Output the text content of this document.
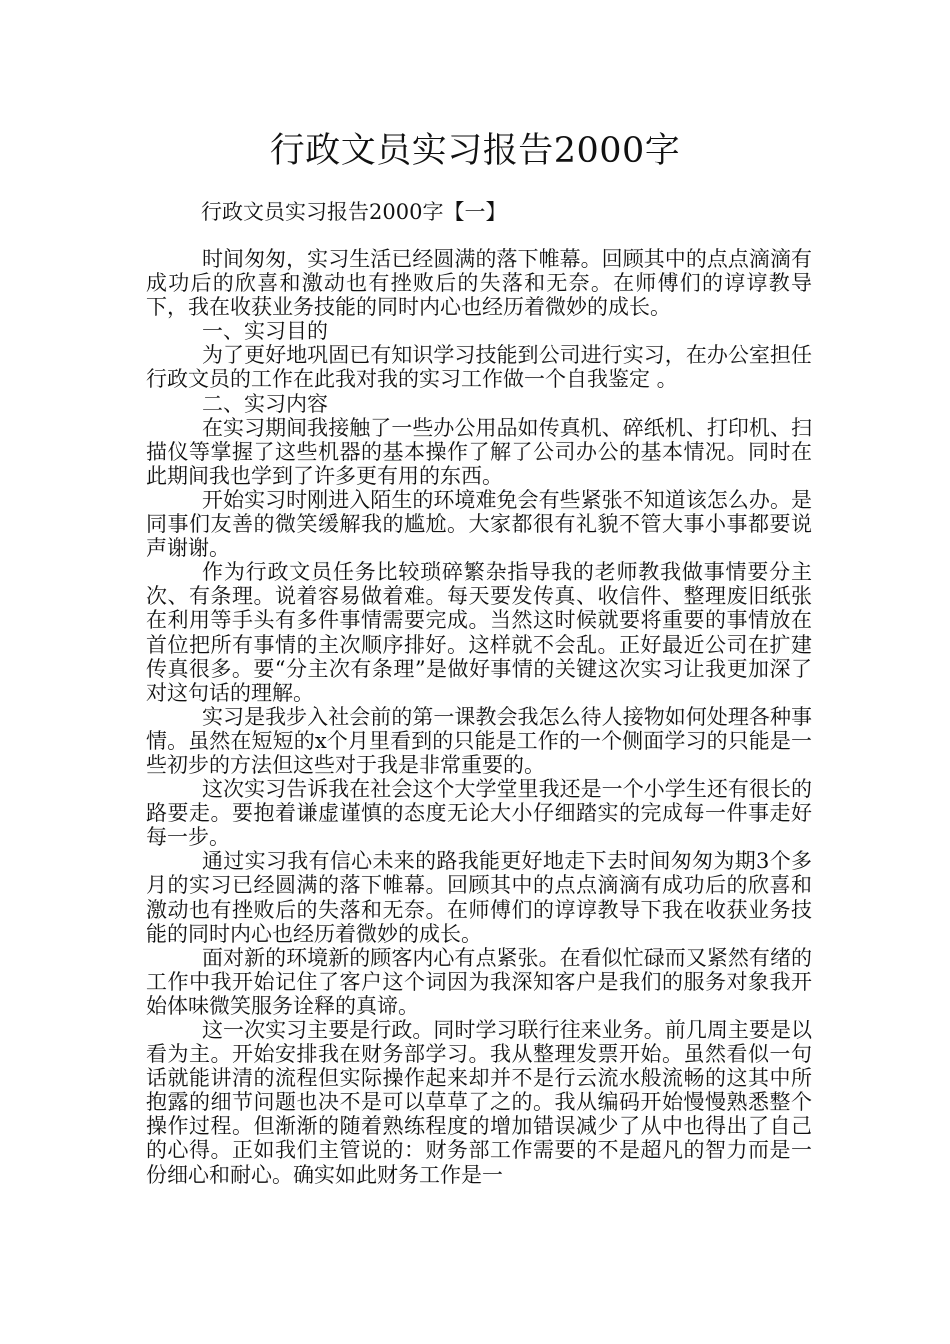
行政文员实习报告2000字

行政文员实习报告2000字【一】

时间匆匆，实习生活已经圆满的落下帷幕。回顾其中的点点滴滴有成功后的欣喜和激动也有挫败后的失落和无奈。在师傅们的谆谆教导下，我在收获业务技能的同时内心也经历着微妙的成长。

一、实习目的

为了更好地巩固已有知识学习技能到公司进行实习，在办公室担任行政文员的工作在此我对我的实习工作做一个自我鉴定 。

二、实习内容

在实习期间我接触了一些办公用品如传真机、碎纸机、打印机、扫描仪等掌握了这些机器的基本操作了解了公司办公的基本情况。同时在此期间我也学到了许多更有用的东西。

开始实习时刚进入陌生的环境难免会有些紧张不知道该怎么办。是同事们友善的微笑缓解我的尴尬。大家都很有礼貌不管大事小事都要说声谢谢。

作为行政文员任务比较琐碎繁杂指导我的老师教我做事情要分主次、有条理。说着容易做着难。每天要发传真、收信件、整理废旧纸张在利用等手头有多件事情需要完成。当然这时候就要将重要的事情放在首位把所有事情的主次顺序排好。这样就不会乱。正好最近公司在扩建传真很多。要“分主次有条理”是做好事情的关键这次实习让我更加深了对这句话的理解。

实习是我步入社会前的第一课教会我怎么待人接物如何处理各种事情。虽然在短短的x个月里看到的只能是工作的一个侧面学习的只能是一些初步的方法但这些对于我是非常重要的。

这次实习告诉我在社会这个大学堂里我还是一个小学生还有很长的路要走。要抱着谦虚谨慎的态度无论大小仔细踏实的完成每一件事走好每一步。

通过实习我有信心未来的路我能更好地走下去时间匆匆为期3个多月的实习已经圆满的落下帷幕。回顾其中的点点滴滴有成功后的欣喜和激动也有挫败后的失落和无奈。在师傅们的谆谆教导下我在收获业务技能的同时内心也经历着微妙的成长。

面对新的环境新的顾客内心有点紧张。在看似忙碌而又紧然有绪的工作中我开始记住了客户这个词因为我深知客户是我们的服务对象我开始体味微笑服务诠释的真谛。

这一次实习主要是行政。同时学习联行往来业务。前几周主要是以看为主。开始安排我在财务部学习。我从整理发票开始。虽然看似一句话就能讲清的流程但实际操作起来却并不是行云流水般流畅的这其中所抱露的细节问题也决不是可以草草了之的。我从编码开始慢慢熟悉整个操作过程。但渐渐的随着熟练程度的增加错误减少了从中也得出了自己的心得。正如我们主管说的：财务部工作需要的不是超凡的智力而是一份细心和耐心。确实如此财务工作是一
